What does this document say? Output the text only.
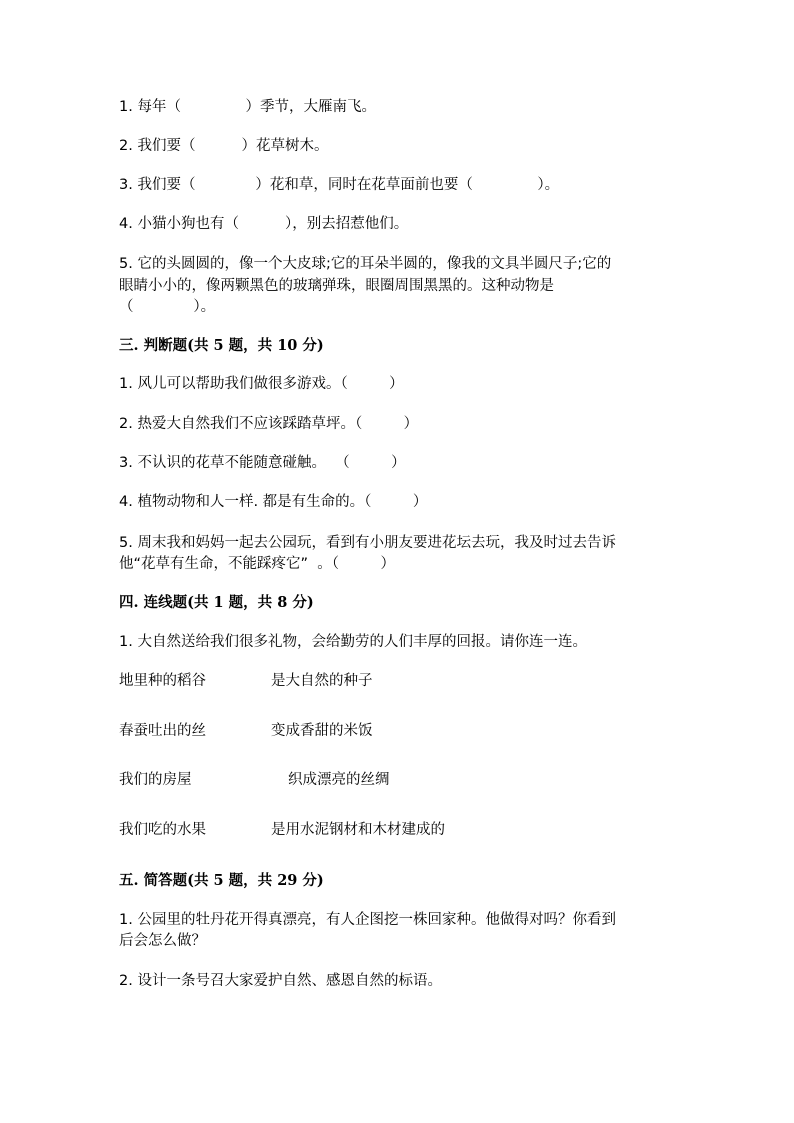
1. 每年（              ）季节，大雁南飞。
2. 我们要（          ）花草树木。
3. 我们要（             ）花和草，同时在花草面前也要（              ）。
4. 小猫小狗也有（          ），别去招惹他们。
5. 它的头圆圆的，像一个大皮球;它的耳朵半圆的，像我的文具半圆尺子;它的
眼睛小小的，像两颗黑色的玻璃弹珠，眼圈周围黑黑的。这种动物是
（             ）。
三. 判断题(共 5 题，共 10 分)
1. 风儿可以帮助我们做很多游戏。（         ）
2. 热爱大自然我们不应该踩踏草坪。（         ）
3. 不认识的花草不能随意碰触。  （         ）
4. 植物动物和人一样. 都是有生命的。（         ）
5. 周末我和妈妈一起去公园玩，看到有小朋友要进花坛去玩，我及时过去告诉
他“花草有生命，不能踩疼它”  。（         ）
四. 连线题(共 1 题，共 8 分)
1. 大自然送给我们很多礼物，会给勤劳的人们丰厚的回报。请你连一连。
地里种的稻谷	是大自然的种子
春蚕吐出的丝	变成香甜的米饭
我们的房屋	织成漂亮的丝绸
我们吃的水果	是用水泥钢材和木材建成的
五. 简答题(共 5 题，共 29 分)
1. 公园里的牡丹花开得真漂亮，有人企图挖一株回家种。他做得对吗？你看到
后会怎么做？
2. 设计一条号召大家爱护自然、感恩自然的标语。
